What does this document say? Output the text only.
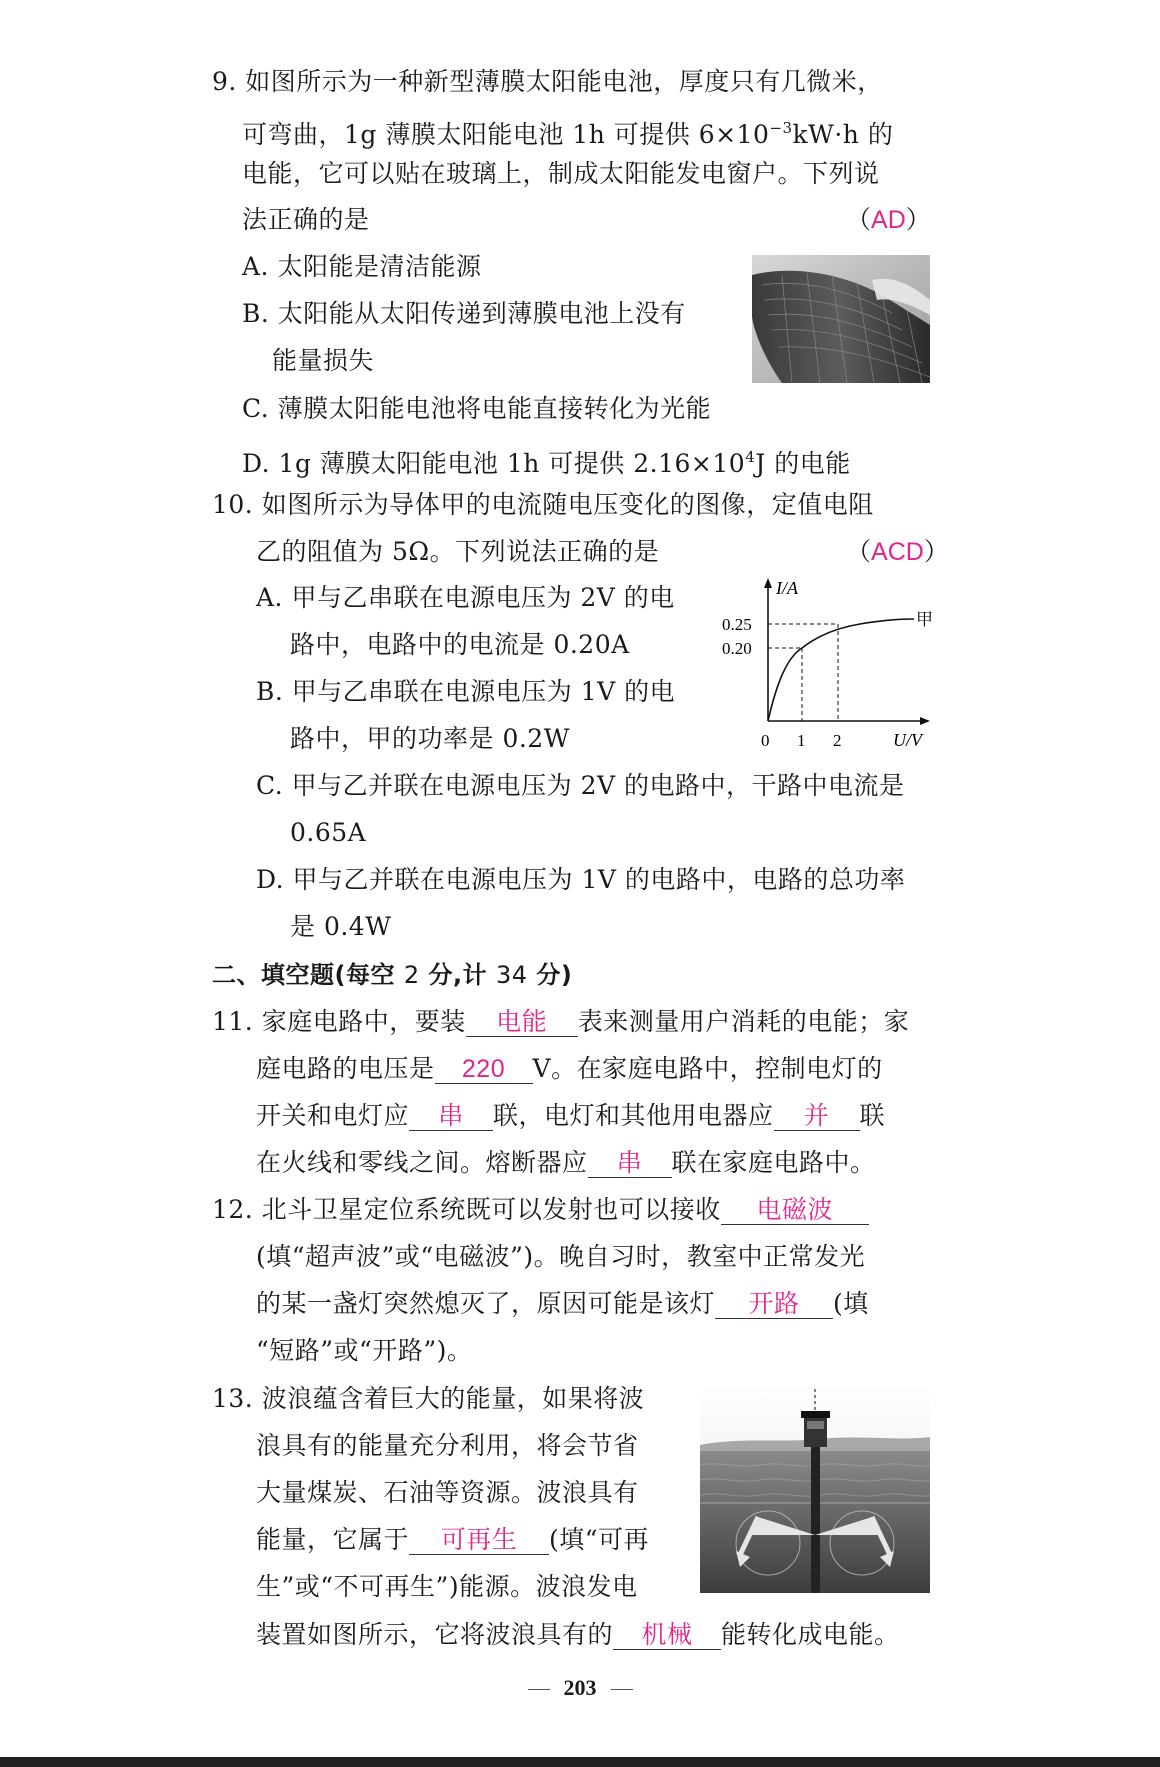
9. 如图所示为一种新型薄膜太阳能电池，厚度只有几微米，
可弯曲，1g 薄膜太阳能电池 1h 可提供 $6\times 10^{-3}kW\cdot h$ 的
电能，它可以贴在玻璃上，制成太阳能发电窗户。下列说
法正确的是	（AD）
A. 太阳能是清洁能源
B. 太阳能从太阳传递到薄膜电池上没有
能量损失
C. 薄膜太阳能电池将电能直接转化为光能
D. 1g 薄膜太阳能电池 1h 可提供 $2.16\times 10^4J$ 的电能
10. 如图所示为导体甲的电流随电压变化的图像，定值电阻
乙的阻值为 5Ω。下列说法正确的是	（ACD）
A. 甲与乙串联在电源电压为 2V 的电
路中，电路中的电流是 0.20A
B. 甲与乙串联在电源电压为 1V 的电
路中，甲的功率是 0.2W
C. 甲与乙并联在电源电压为 2V 的电路中，干路中电流是
0.65A
D. 甲与乙并联在电源电压为 1V 的电路中，电路的总功率
是 0.4W
I/A
0.25
0.20
0 1 2	U/V
甲
二、填空题(每空 2 分,计 34 分)
11. 家庭电路中，要装 电能 表来测量用户消耗的电能；家
庭电路的电压是 220 V。在家庭电路中，控制电灯的
开关和电灯应 串 联，电灯和其他用电器应 并 联
在火线和零线之间。熔断器应 串 联在家庭电路中。
12. 北斗卫星定位系统既可以发射也可以接收 电磁波
(填“超声波”或“电磁波”)。晚自习时，教室中正常发光
的某一盏灯突然熄灭了，原因可能是该灯 开路 (填
“短路”或“开路”)。
13. 波浪蕴含着巨大的能量，如果将波
浪具有的能量充分利用，将会节省
大量煤炭、石油等资源。波浪具有
能量，它属于 可再生 (填“可再
生”或“不可再生”)能源。波浪发电
装置如图所示，它将波浪具有的 机械 能转化成电能。
203
